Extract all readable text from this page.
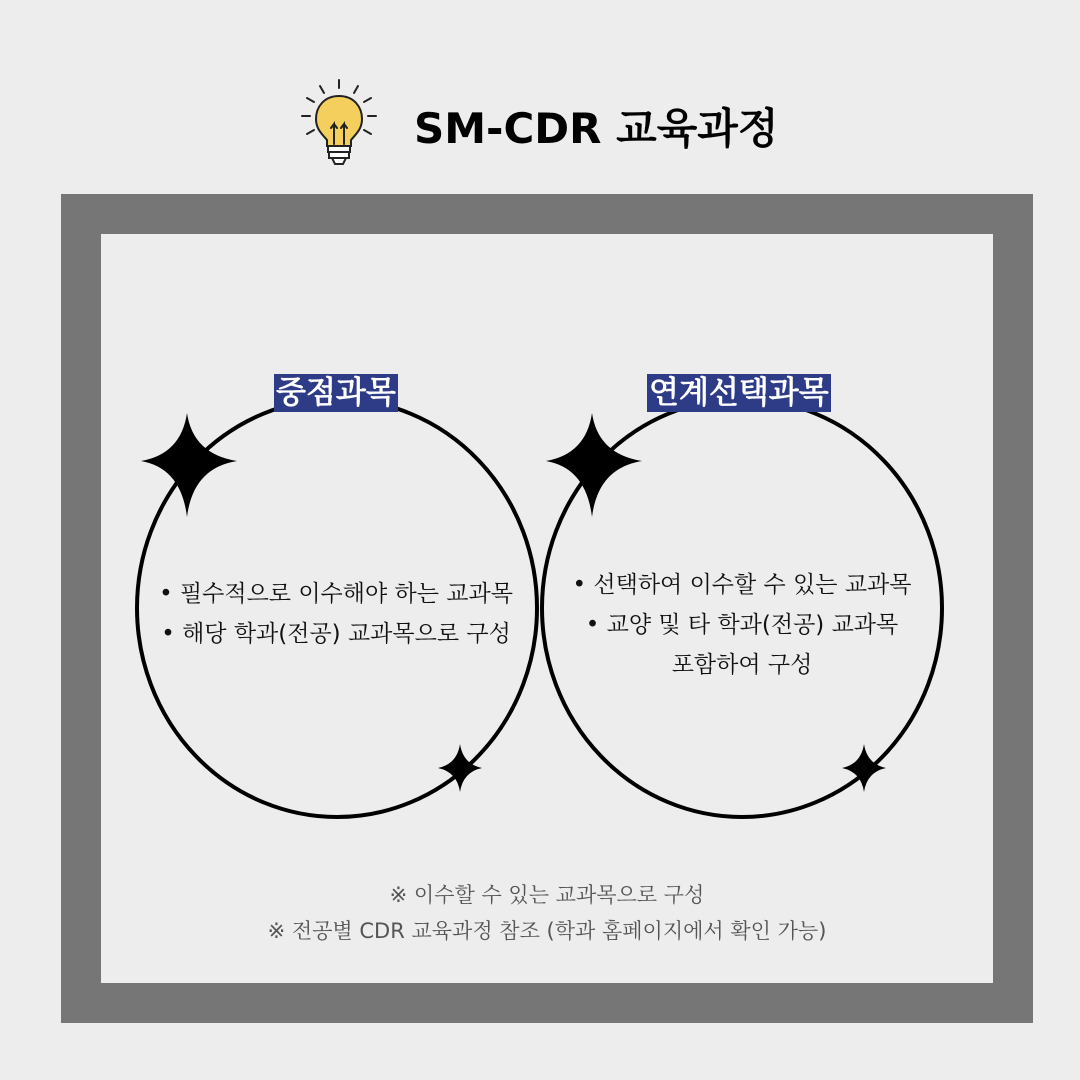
SM-CDR 교육과정
중점과목	연계선택과목
• 필수적으로 이수해야 하는 교과목
• 해당 학과(전공) 교과목으로 구성
• 선택하여 이수할 수 있는 교과목
• 교양 및 타 학과(전공) 교과목
포함하여 구성
※ 이수할 수 있는 교과목으로 구성
※ 전공별 CDR 교육과정 참조 (학과 홈페이지에서 확인 가능)
